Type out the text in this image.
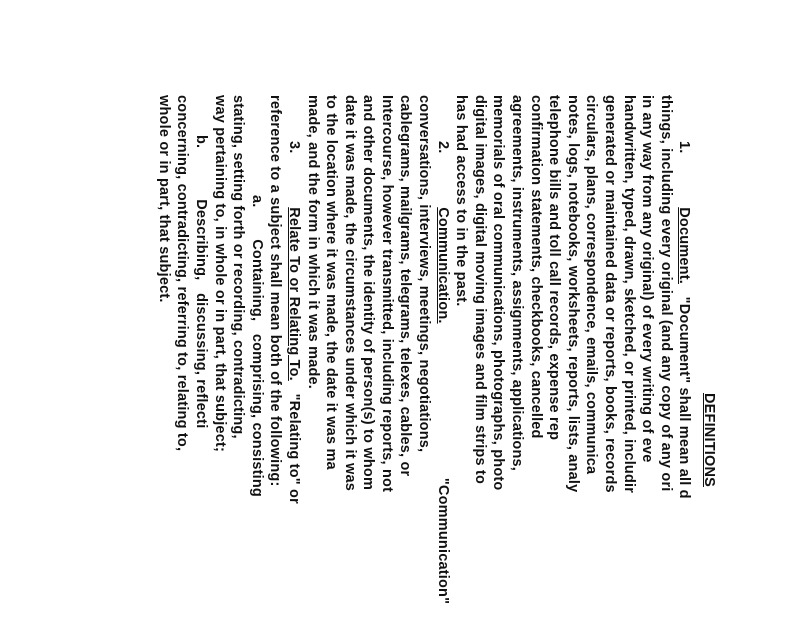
DEFINITIONS
1. Document.   "Document" shall mean all d
things, including every original (and any copy of any ori
in any way from any original) of every writing of eve
handwritten, typed, drawn, sketched, or printed, includir
generated or maintained data or reports, books, records
circulars, plans, correspondence, emails, communica
notes, logs, notebooks, worksheets, reports, lists, analy
telephone bills and toll call records, expense rep
confirmation statements, checkbooks, cancelled
agreements, instruments, assignments, applications,
memorials of oral communications, photographs, photo
digital images, digital moving images and film strips to
has had access to in the past.
2. Communication. "Communication"
conversations, interviews, meetings, negotiations,
cablegrams, mailgrams, telegrams, telexes, cables, or
Intercourse, however transmitted, including reports, not
and other documents, the identity of person(s) to whom
date it was made, the circumstances under which it was
to the location where it was made, the date it was ma
made, and the form in which it was made.
3. Relate To or Relating To.   "Relating to" or
reference to a subject shall mean both of the following:
a. Containing,   comprising, consisting
stating, setting forth or recording, contradicting,
way pertaining to, in whole or in part, that subject;
b. Describing,   discussing, reflecti
concerning, contradicting, referring to, relating to,
whole or in part, that subject.
